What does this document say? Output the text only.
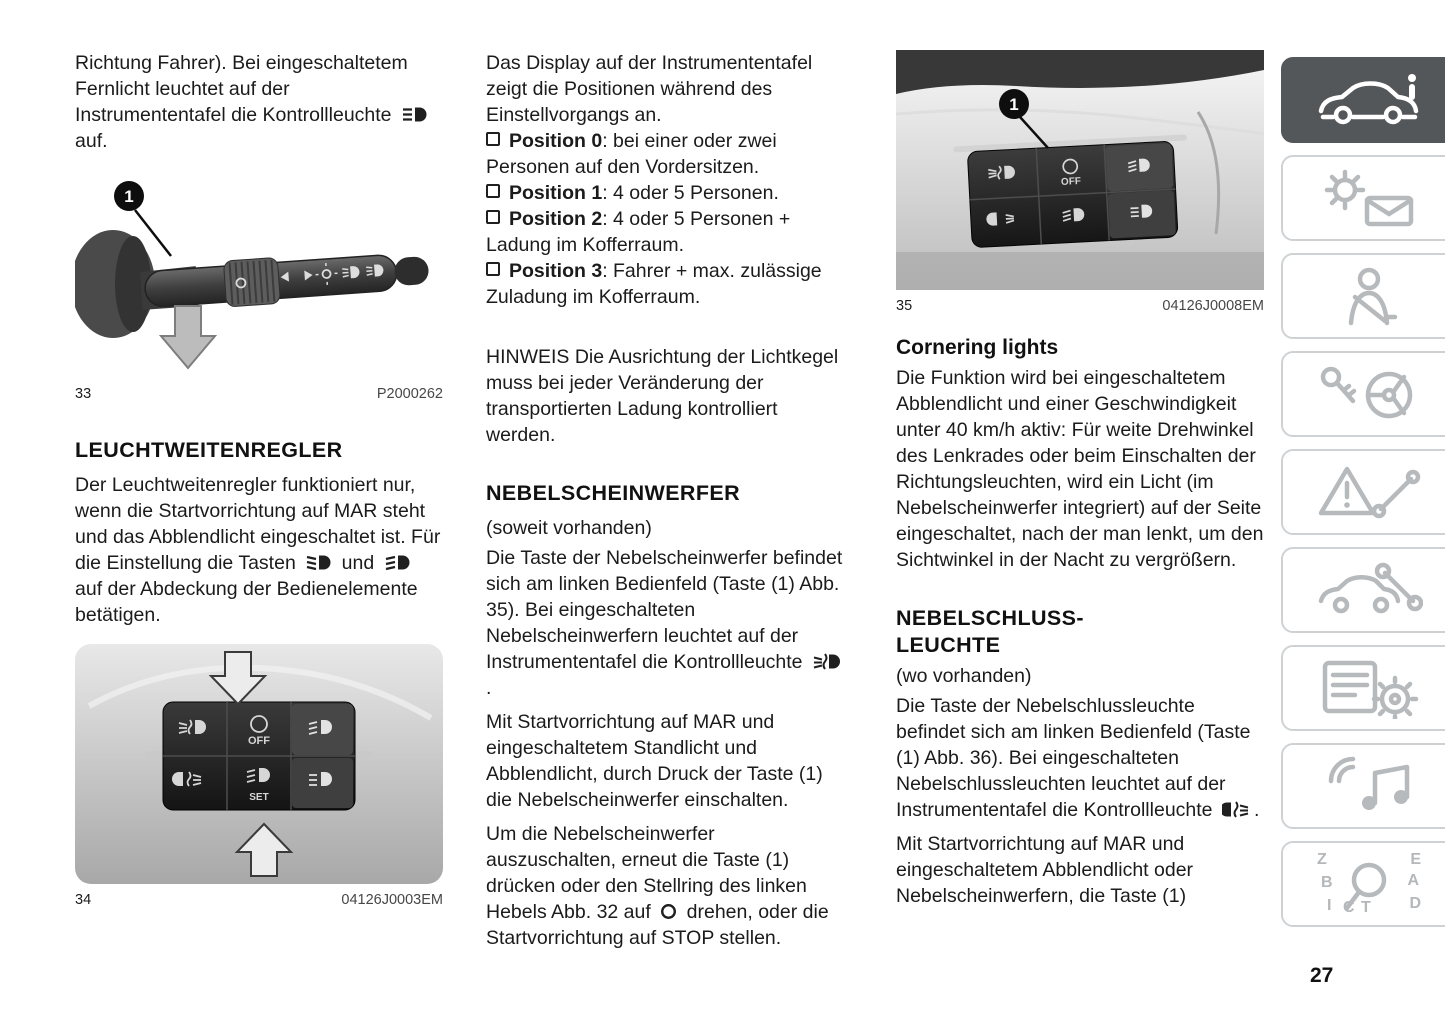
Richtung Fahrer). Bei eingeschaltetem Fernlicht leuchtet auf der Instrumententafel die Kontrollleuchte
auf.

1
33	P2000262
LEUCHTWEITENREGLER

Der Leuchtweitenregler funktioniert nur, wenn die Startvorrichtung auf MAR steht und das Abblendlicht eingeschaltet ist. Für die Einstellung die Tasten und
auf der Abdeckung der Bedienelemente betätigen.

OFF
SET
34	04126J0003EM

Das Display auf der Instrumententafel zeigt die Positionen während des Einstellvorgangs an.

Position 0: bei einer oder zwei Personen auf den Vordersitzen.

Position 1: 4 oder 5 Personen.

Position 2: 4 oder 5 Personen + Ladung im Kofferraum.

Position 3: Fahrer + max. zulässige Zuladung im Kofferraum.

HINWEIS Die Ausrichtung der Lichtkegel muss bei jeder Veränderung der transportierten Ladung kontrolliert werden.

NEBELSCHEINWERFER

(soweit vorhanden)

Die Taste der Nebelscheinwerfer befindet sich am linken Bedienfeld (Taste (1) Abb. 35). Bei eingeschalteten Nebelscheinwerfern leuchtet auf der Instrumententafel die Kontrollleuchte
.

Mit Startvorrichtung auf MAR und eingeschaltetem Standlicht und Abblendlicht, durch Druck der Taste (1) die Nebelscheinwerfer einschalten.

Um die Nebelscheinwerfer auszuschalten, erneut die Taste (1) drücken oder den Stellring des linken Hebels Abb. 32 auf drehen, oder die Startvorrichtung auf STOP stellen.

OFF
1
35	04126J0008EM
Cornering lights

Die Funktion wird bei eingeschaltetem Abblendlicht und einer Geschwindigkeit unter 40 km/h aktiv: Für weite Drehwinkel des Lenkrades oder beim Einschalten der Richtungsleuchten, wird ein Licht (im Nebelscheinwerfer integriert) auf der Seite eingeschaltet, nach der man lenkt, um den Sichtwinkel in der Nacht zu vergrößern.

NEBELSCHLUSS-
LEUCHTE

(wo vorhanden)

Die Taste der Nebelschlussleuchte befindet sich am linken Bedienfeld (Taste (1) Abb. 36). Bei eingeschalteten Nebelschlussleuchten leuchtet auf der Instrumententafel die Kontrollleuchte .

Mit Startvorrichtung auf MAR und eingeschaltetem Abblendlicht oder Nebelscheinwerfern, die Taste (1)

Z	E
B	A
D
I C T
27
